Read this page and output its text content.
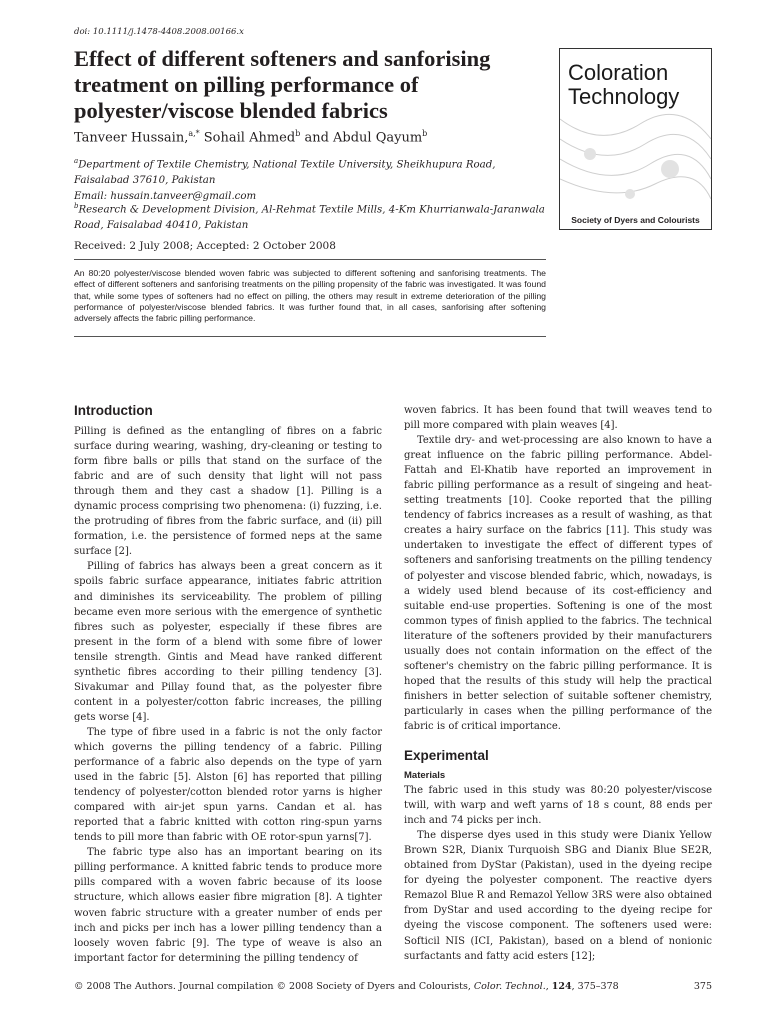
doi: 10.1111/j.1478-4408.2008.00166.x
Effect of different softeners and sanforising treatment on pilling performance of polyester/viscose blended fabrics
Tanveer Hussain,$^{a,*}$ Sohail Ahmed$^b$ and Abdul Qayum$^b$

$^a$Department of Textile Chemistry, National Textile University, Sheikhupura Road, Faisalabad 37610, Pakistan
Email: hussain.tanveer@gmail.com

$^b$Research & Development Division, Al-Rehmat Textile Mills, 4-Km Khurrianwala-Jaranwala Road, Faisalabad 40410, Pakistan

Received: 2 July 2008; Accepted: 2 October 2008

An 80:20 polyester/viscose blended woven fabric was subjected to different softening and sanforising treatments. The effect of different softeners and sanforising treatments on the pilling propensity of the fabric was investigated. It was found that, while some types of softeners had no effect on pilling, the others may result in extreme deterioration of the pilling performance of polyester/viscose blended fabrics. It was further found that, in all cases, sanforising after softening adversely affects the fabric pilling performance.

Coloration
Technology
Society of Dyers and Colourists
Introduction

Pilling is defined as the entangling of fibres on a fabric surface during wearing, washing, dry-cleaning or testing to form fibre balls or pills that stand on the surface of the fabric and are of such density that light will not pass through them and they cast a shadow [1]. Pilling is a dynamic process comprising two phenomena: (i) fuzzing, i.e. the protruding of fibres from the fabric surface, and (ii) pill formation, i.e. the persistence of formed neps at the same surface [2].

Pilling of fabrics has always been a great concern as it spoils fabric surface appearance, initiates fabric attrition and diminishes its serviceability. The problem of pilling became even more serious with the emergence of synthetic fibres such as polyester, especially if these fibres are present in the form of a blend with some fibre of lower tensile strength. Gintis and Mead have ranked different synthetic fibres according to their pilling tendency [3]. Sivakumar and Pillay found that, as the polyester fibre content in a polyester/cotton fabric increases, the pilling gets worse [4].

The type of fibre used in a fabric is not the only factor which governs the pilling tendency of a fabric. Pilling performance of a fabric also depends on the type of yarn used in the fabric [5]. Alston [6] has reported that pilling tendency of polyester/cotton blended rotor yarns is higher compared with air-jet spun yarns. Candan et al. has reported that a fabric knitted with cotton ring-spun yarns tends to pill more than fabric with OE rotor-spun yarns[7].

The fabric type also has an important bearing on its pilling performance. A knitted fabric tends to produce more pills compared with a woven fabric because of its loose structure, which allows easier fibre migration [8]. A tighter woven fabric structure with a greater number of ends per inch and picks per inch has a lower pilling tendency than a loosely woven fabric [9]. The type of weave is also an important factor for determining the pilling tendency of

woven fabrics. It has been found that twill weaves tend to pill more compared with plain weaves [4].

Textile dry- and wet-processing are also known to have a great influence on the fabric pilling performance. Abdel-Fattah and El-Khatib have reported an improvement in fabric pilling performance as a result of singeing and heat-setting treatments [10]. Cooke reported that the pilling tendency of fabrics increases as a result of washing, as that creates a hairy surface on the fabrics [11]. This study was undertaken to investigate the effect of different types of softeners and sanforising treatments on the pilling tendency of polyester and viscose blended fabric, which, nowadays, is a widely used blend because of its cost-efficiency and suitable end-use properties. Softening is one of the most common types of finish applied to the fabrics. The technical literature of the softeners provided by their manufacturers usually does not contain information on the effect of the softener's chemistry on the fabric pilling performance. It is hoped that the results of this study will help the practical finishers in better selection of suitable softener chemistry, particularly in cases when the pilling performance of the fabric is of critical importance.

Experimental
Materials

The fabric used in this study was 80:20 polyester/viscose twill, with warp and weft yarns of 18 s count, 88 ends per inch and 74 picks per inch.

The disperse dyes used in this study were Dianix Yellow Brown S2R, Dianix Turquoish SBG and Dianix Blue SE2R, obtained from DyStar (Pakistan), used in the dyeing recipe for dyeing the polyester component. The reactive dyers Remazol Blue R and Remazol Yellow 3RS were also obtained from DyStar and used according to the dyeing recipe for dyeing the viscose component. The softeners used were: Softicil NIS (ICI, Pakistan), based on a blend of nonionic surfactants and fatty acid esters [12];

© 2008 The Authors. Journal compilation © 2008 Society of Dyers and Colourists, Color. Technol., 124, 375–378	375
